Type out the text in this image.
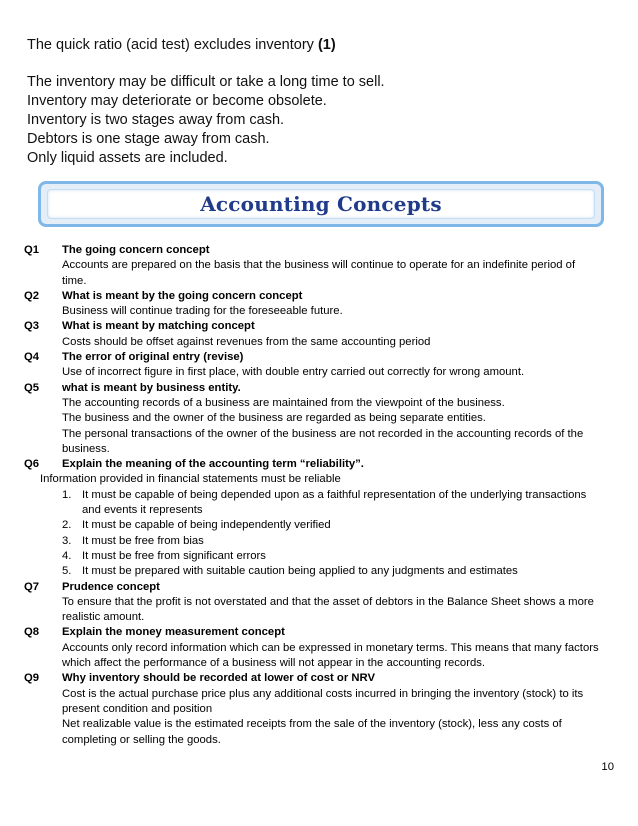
The quick ratio (acid test) excludes inventory (1)
The inventory may be difficult or take a long time to sell.
Inventory may deteriorate or become obsolete.
Inventory is two stages away from cash.
Debtors is one stage away from cash.
Only liquid assets are included.
Accounting Concepts
Q1	The going concern concept
Accounts are prepared on the basis that the business will continue to operate for an indefinite period of
time.
Q2	What is meant by the going concern concept
Business will continue trading for the foreseeable future.
Q3	What is meant by matching concept
Costs should be offset against revenues from the same accounting period
Q4	The error of original entry (revise)
Use of incorrect figure in first place, with double entry carried out correctly for wrong amount.
Q5	what is meant by business entity.
The accounting records of a business are maintained from the viewpoint of the business.
The business and the owner of the business are regarded as being separate entities.
The personal transactions of the owner of the business are not recorded in the accounting records of the
business.
Q6	Explain the meaning of the accounting term “reliability”.
Information provided in financial statements must be reliable
1. It must be capable of being depended upon as a faithful representation of the underlying transactions
and events it represents
2. It must be capable of being independently verified
3. It must be free from bias
4. It must be free from significant errors
5. It must be prepared with suitable caution being applied to any judgments and estimates
Q7	Prudence concept
To ensure that the profit is not overstated and that the asset of debtors in the Balance Sheet shows a more
realistic amount.
Q8	Explain the money measurement concept
Accounts only record information which can be expressed in monetary terms. This means that many factors
which affect the performance of a business will not appear in the accounting records.
Q9	Why inventory should be recorded at lower of cost or NRV
Cost is the actual purchase price plus any additional costs incurred in bringing the inventory (stock) to its
present condition and position
Net realizable value is the estimated receipts from the sale of the inventory (stock), less any costs of
completing or selling the goods.
10
